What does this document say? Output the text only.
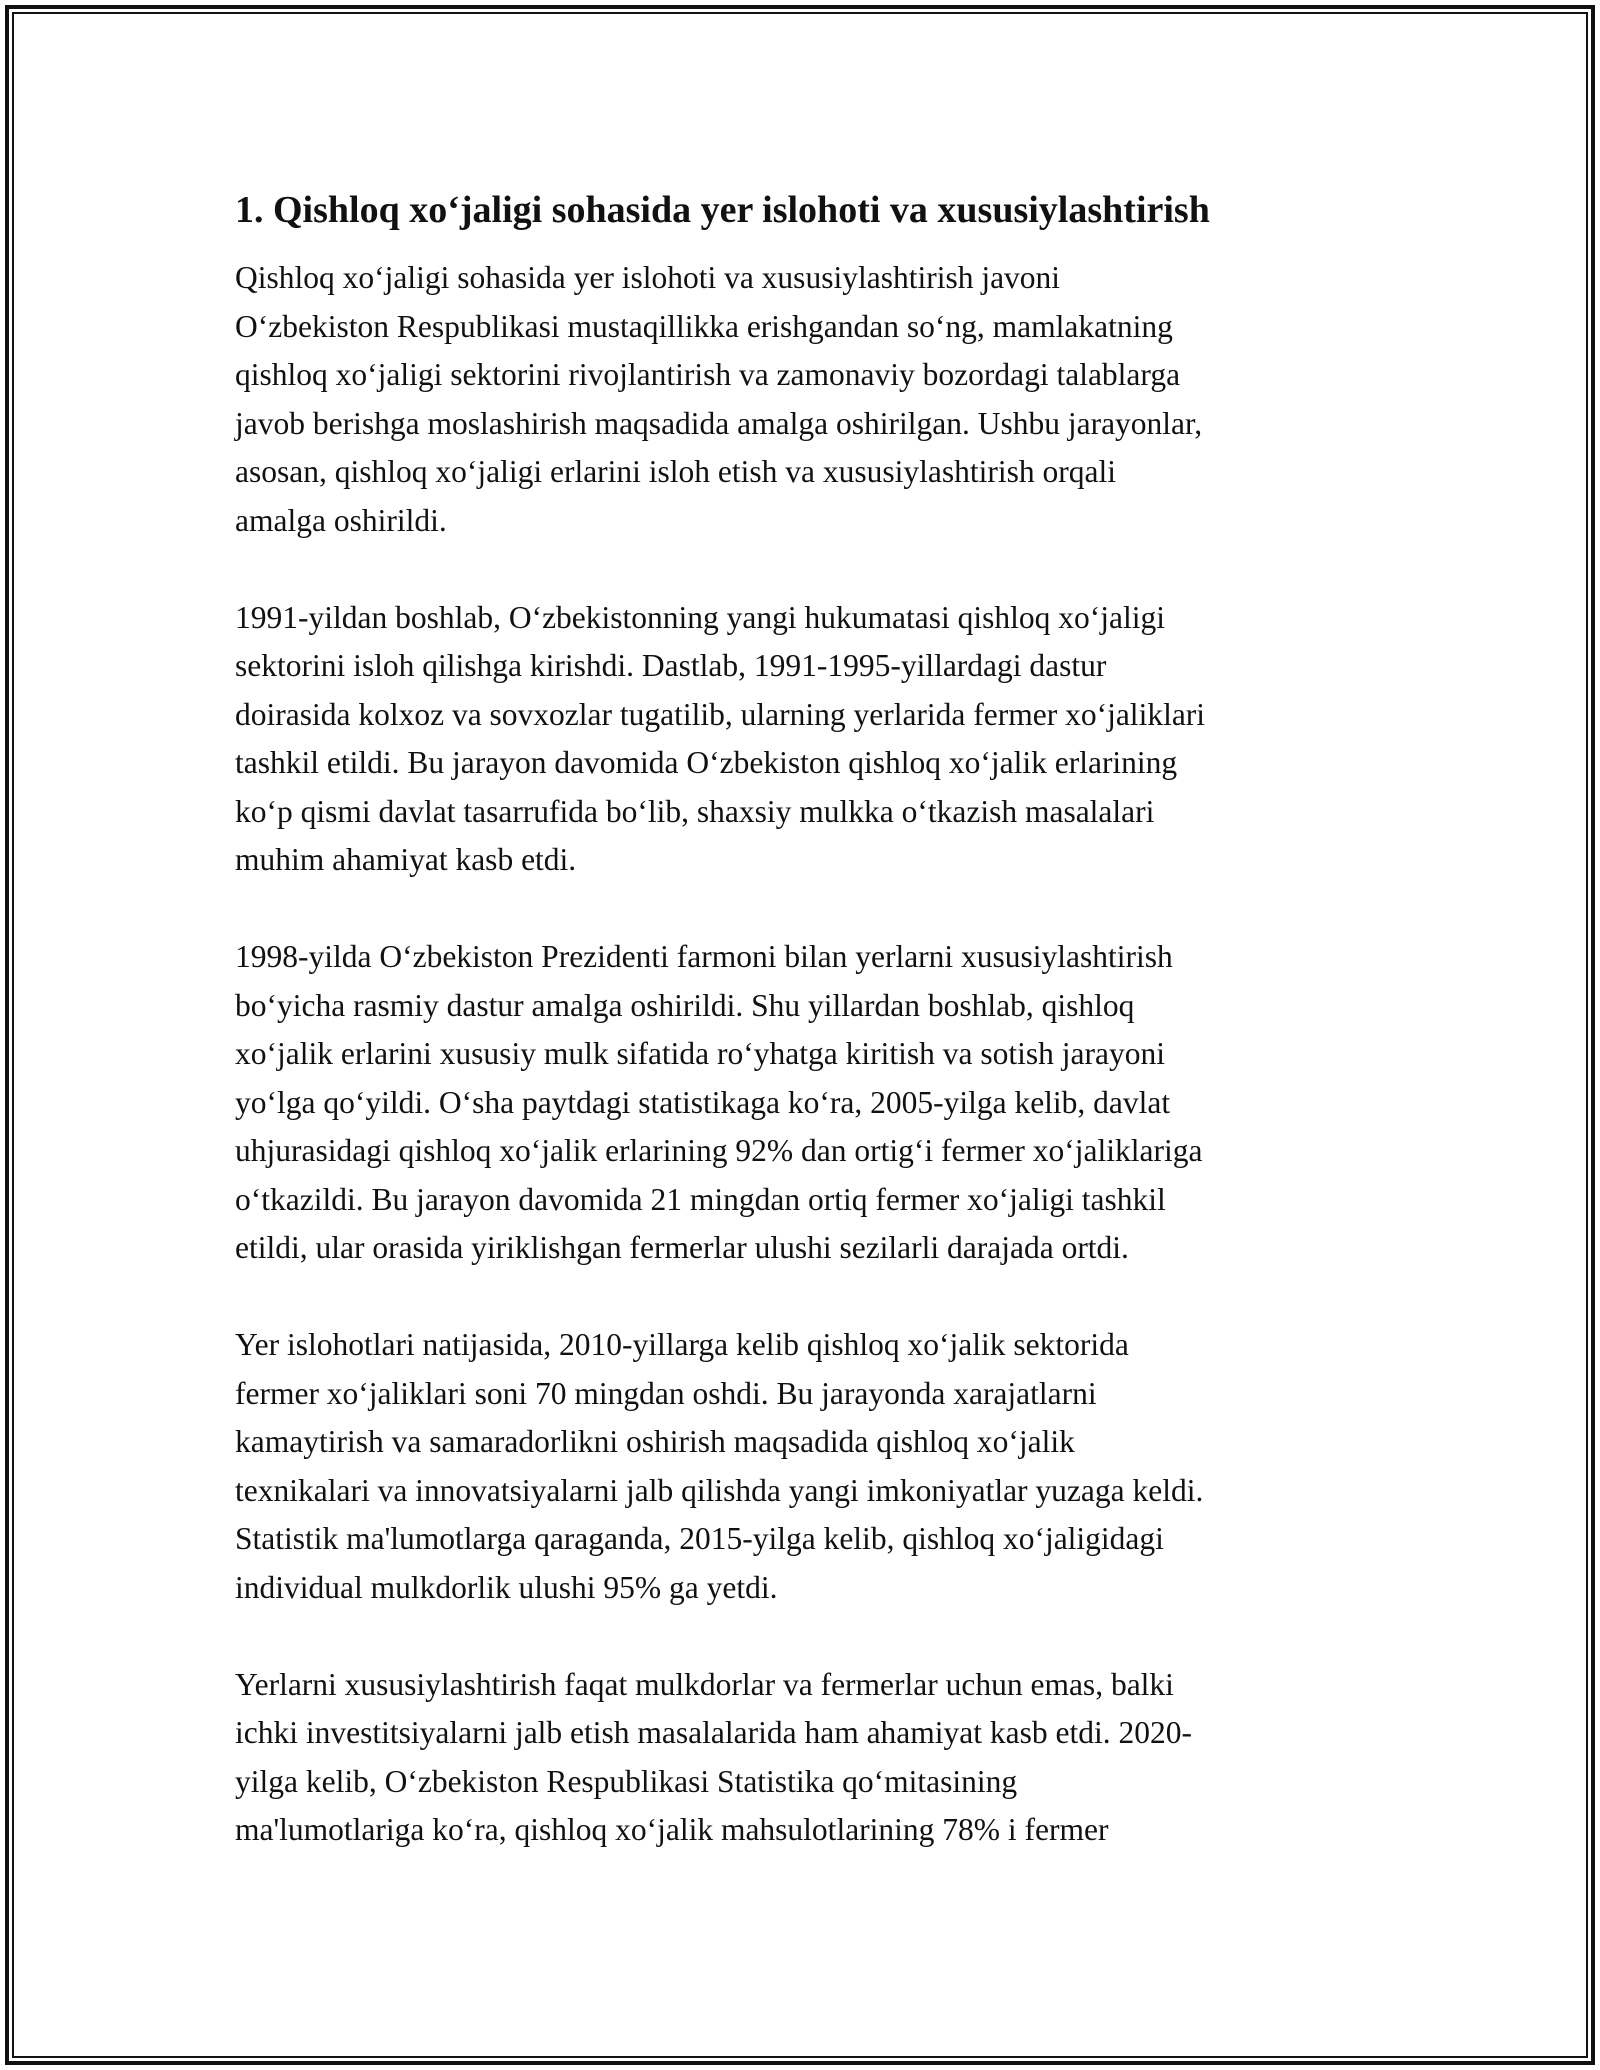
1. Qishloq xoʻjaligi sohasida yer islohoti va xususiylashtirish

Qishloq xoʻjaligi sohasida yer islohoti va xususiylashtirish javoni
Oʻzbekiston Respublikasi mustaqillikka erishgandan soʻng, mamlakatning
qishloq xoʻjaligi sektorini rivojlantirish va zamonaviy bozordagi talablarga
javob berishga moslashirish maqsadida amalga oshirilgan. Ushbu jarayonlar,
asosan, qishloq xoʻjaligi erlarini isloh etish va xususiylashtirish orqali
amalga oshirildi.

1991-yildan boshlab, Oʻzbekistonning yangi hukumatasi qishloq xoʻjaligi
sektorini isloh qilishga kirishdi. Dastlab, 1991-1995-yillardagi dastur
doirasida kolxoz va sovxozlar tugatilib, ularning yerlarida fermer xoʻjaliklari
tashkil etildi. Bu jarayon davomida Oʻzbekiston qishloq xoʻjalik erlarining
koʻp qismi davlat tasarrufida boʻlib, shaxsiy mulkka oʻtkazish masalalari
muhim ahamiyat kasb etdi.

1998-yilda Oʻzbekiston Prezidenti farmoni bilan yerlarni xususiylashtirish
boʻyicha rasmiy dastur amalga oshirildi. Shu yillardan boshlab, qishloq
xoʻjalik erlarini xususiy mulk sifatida roʻyhatga kiritish va sotish jarayoni
yoʻlga qoʻyildi. Oʻsha paytdagi statistikaga koʻra, 2005-yilga kelib, davlat
uhjurasidagi qishloq xoʻjalik erlarining 92% dan ortigʻi fermer xoʻjaliklariga
oʻtkazildi. Bu jarayon davomida 21 mingdan ortiq fermer xoʻjaligi tashkil
etildi, ular orasida yiriklishgan fermerlar ulushi sezilarli darajada ortdi.

Yer islohotlari natijasida, 2010-yillarga kelib qishloq xoʻjalik sektorida
fermer xoʻjaliklari soni 70 mingdan oshdi. Bu jarayonda xarajatlarni
kamaytirish va samaradorlikni oshirish maqsadida qishloq xoʻjalik
texnikalari va innovatsiyalarni jalb qilishda yangi imkoniyatlar yuzaga keldi.
Statistik ma'lumotlarga qaraganda, 2015-yilga kelib, qishloq xoʻjaligidagi
individual mulkdorlik ulushi 95% ga yetdi.

Yerlarni xususiylashtirish faqat mulkdorlar va fermerlar uchun emas, balki
ichki investitsiyalarni jalb etish masalalarida ham ahamiyat kasb etdi. 2020-
yilga kelib, Oʻzbekiston Respublikasi Statistika qoʻmitasining
ma'lumotlariga koʻra, qishloq xoʻjalik mahsulotlarining 78% i fermer
